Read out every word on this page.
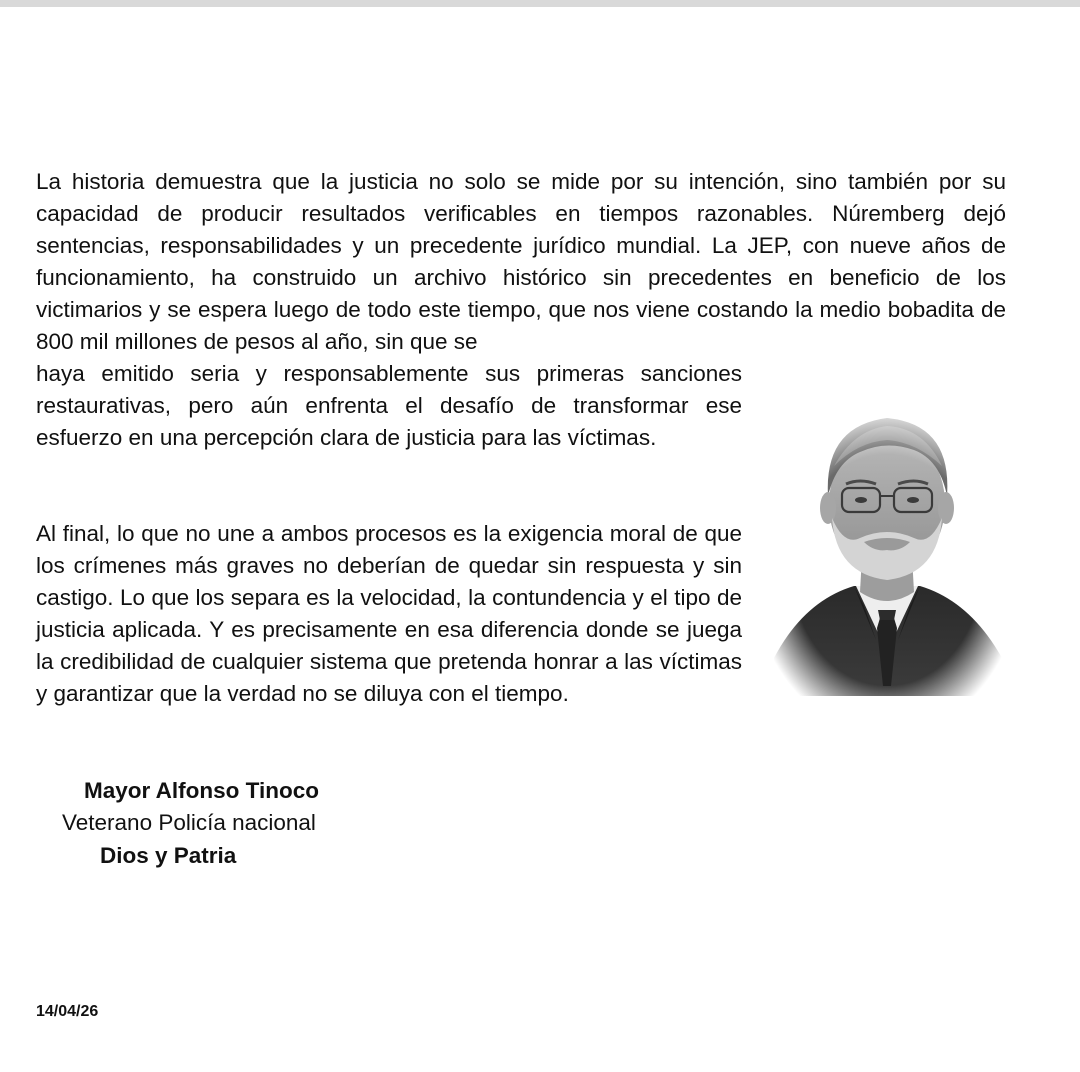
La historia demuestra que la justicia no solo se mide por su intención, sino también por su capacidad de producir resultados verificables en tiempos razonables. Núremberg dejó sentencias, responsabilidades y un precedente jurídico mundial. La JEP, con nueve años de funcionamiento, ha construido un archivo histórico sin precedentes en beneficio de los victimarios y se espera luego de todo este tiempo, que nos viene costando la medio bobadita de 800 mil millones de pesos al año, sin que se

haya emitido seria y responsablemente sus primeras sanciones restaurativas, pero aún enfrenta el desafío de transformar ese esfuerzo en una percepción clara de justicia para las víctimas.

Al final, lo que no une a ambos procesos es la exigencia moral de que los crímenes más graves no deberían de quedar sin respuesta y sin castigo. Lo que los separa es la velocidad, la contundencia y el tipo de justicia aplicada. Y es precisamente en esa diferencia donde se juega la credibilidad de cualquier sistema que pretenda honrar a las víctimas y garantizar que la verdad no se diluya con el tiempo.

Mayor Alfonso Tinoco
Veterano Policía nacional
Dios y Patria
14/04/26
